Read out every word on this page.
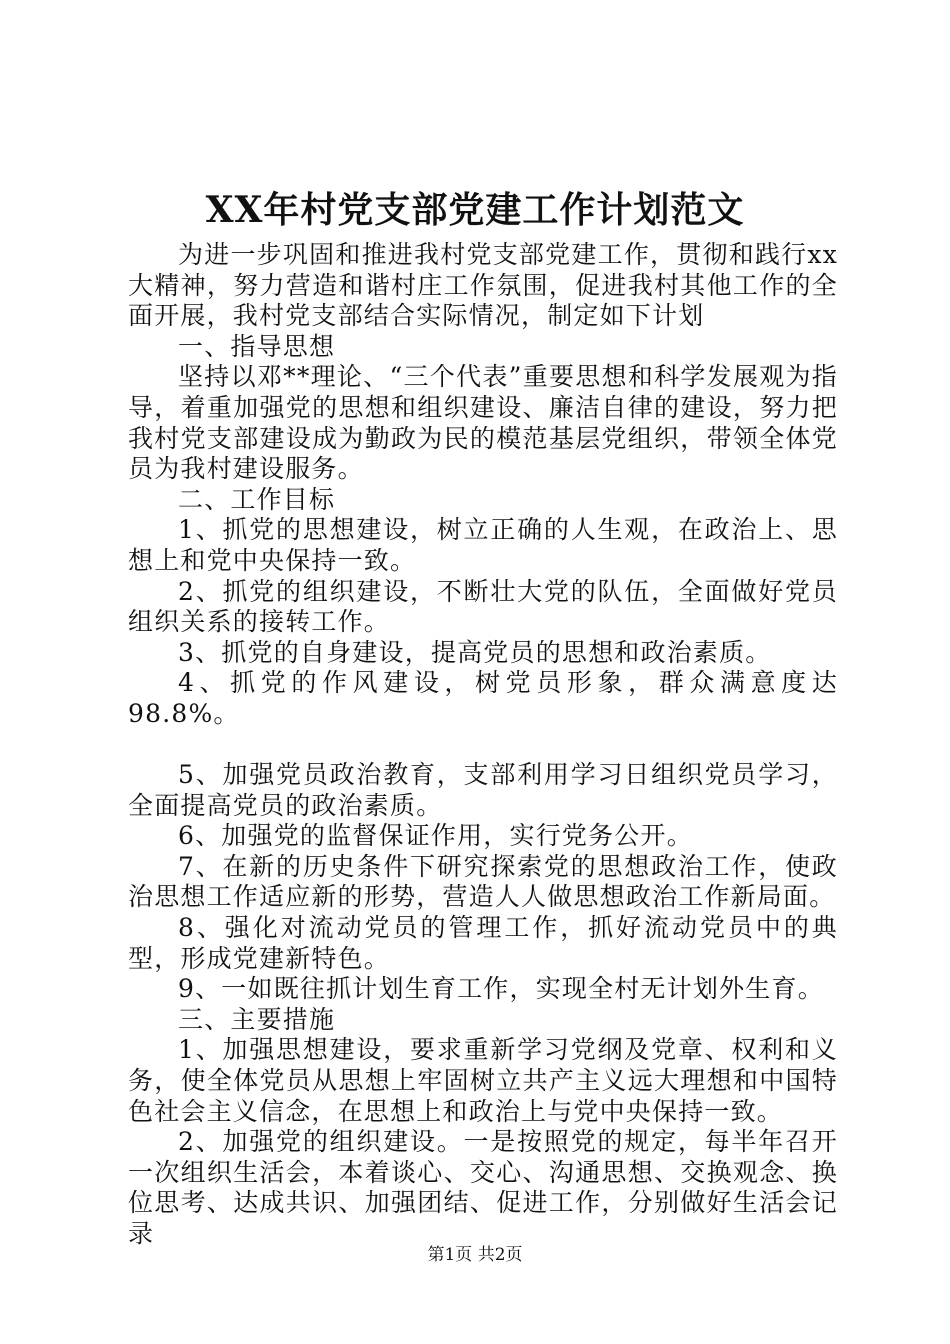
XX年村党支部党建工作计划范文

为进一步巩固和推进我村党支部党建工作，贯彻和践行xx大精神，努力营造和谐村庄工作氛围，促进我村其他工作的全面开展，我村党支部结合实际情况，制定如下计划

一、指导思想

坚持以邓**理论、“三个代表”重要思想和科学发展观为指导，着重加强党的思想和组织建设、廉洁自律的建设，努力把我村党支部建设成为勤政为民的模范基层党组织，带领全体党员为我村建设服务。

二、工作目标

1、抓党的思想建设，树立正确的人生观，在政治上、思想上和党中央保持一致。

2、抓党的组织建设，不断壮大党的队伍，全面做好党员组织关系的接转工作。

3、抓党的自身建设，提高党员的思想和政治素质。

4、抓党的作风建设，树党员形象，群众满意度达98.8%。

5、加强党员政治教育，支部利用学习日组织党员学习，全面提高党员的政治素质。

6、加强党的监督保证作用，实行党务公开。

7、在新的历史条件下研究探索党的思想政治工作，使政治思想工作适应新的形势，营造人人做思想政治工作新局面。

8、强化对流动党员的管理工作，抓好流动党员中的典型，形成党建新特色。

9、一如既往抓计划生育工作，实现全村无计划外生育。

三、主要措施

1、加强思想建设，要求重新学习党纲及党章、权利和义务，使全体党员从思想上牢固树立共产主义远大理想和中国特色社会主义信念，在思想上和政治上与党中央保持一致。

2、加强党的组织建设。一是按照党的规定，每半年召开一次组织生活会，本着谈心、交心、沟通思想、交换观念、换位思考、达成共识、加强团结、促进工作，分别做好生活会记录

第1页 共2页
